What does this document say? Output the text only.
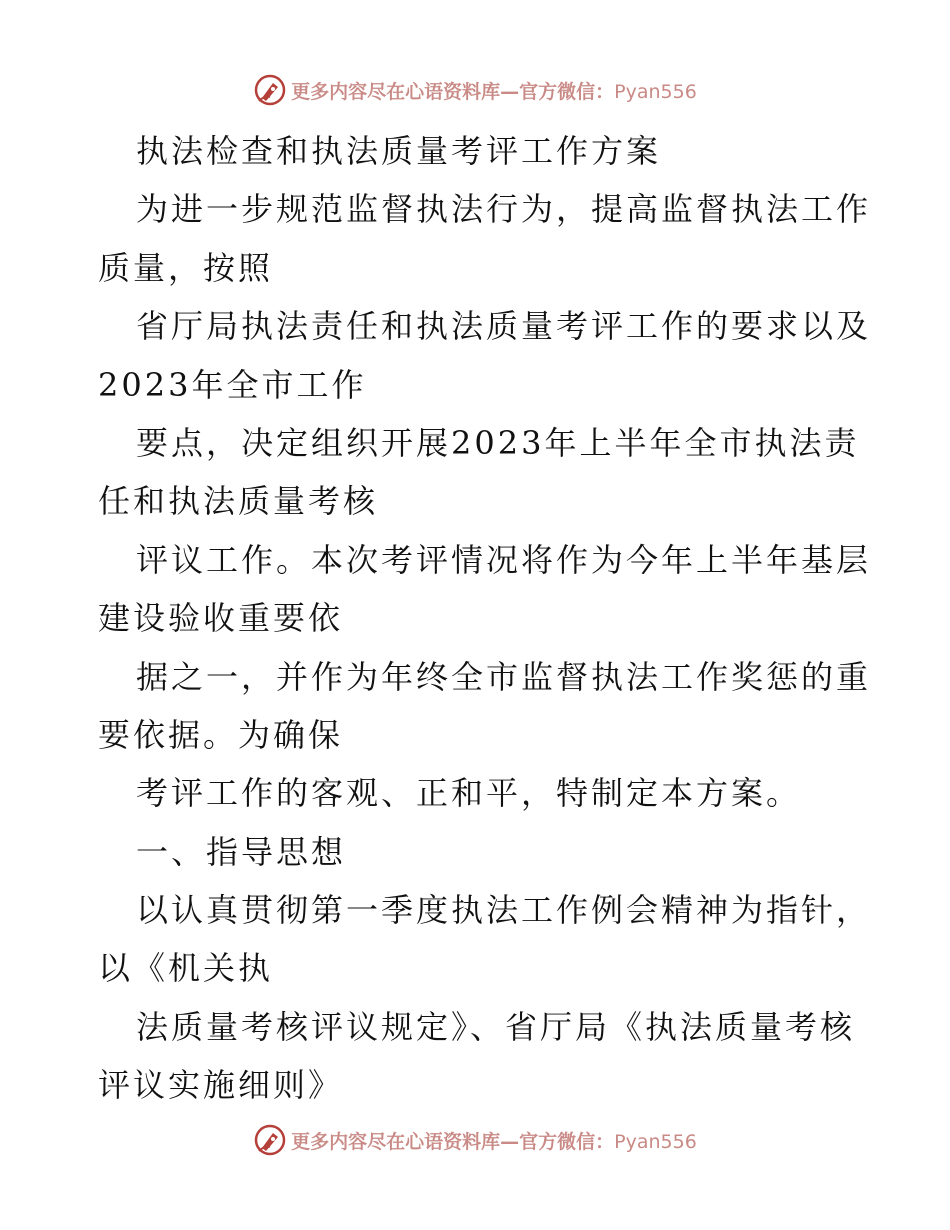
更多内容尽在心语资料库—官方微信：Pyan556
执法检查和执法质量考评工作方案
为进一步规范监督执法行为，提高监督执法工作
质量，按照
省厅局执法责任和执法质量考评工作的要求以及
2023年全市工作
要点，决定组织开展2023年上半年全市执法责
任和执法质量考核
评议工作。本次考评情况将作为今年上半年基层
建设验收重要依
据之一，并作为年终全市监督执法工作奖惩的重
要依据。为确保
考评工作的客观、正和平，特制定本方案。
一、指导思想
以认真贯彻第一季度执法工作例会精神为指针，
以《机关执
法质量考核评议规定》、省厅局《执法质量考核
评议实施细则》
更多内容尽在心语资料库—官方微信：Pyan556
